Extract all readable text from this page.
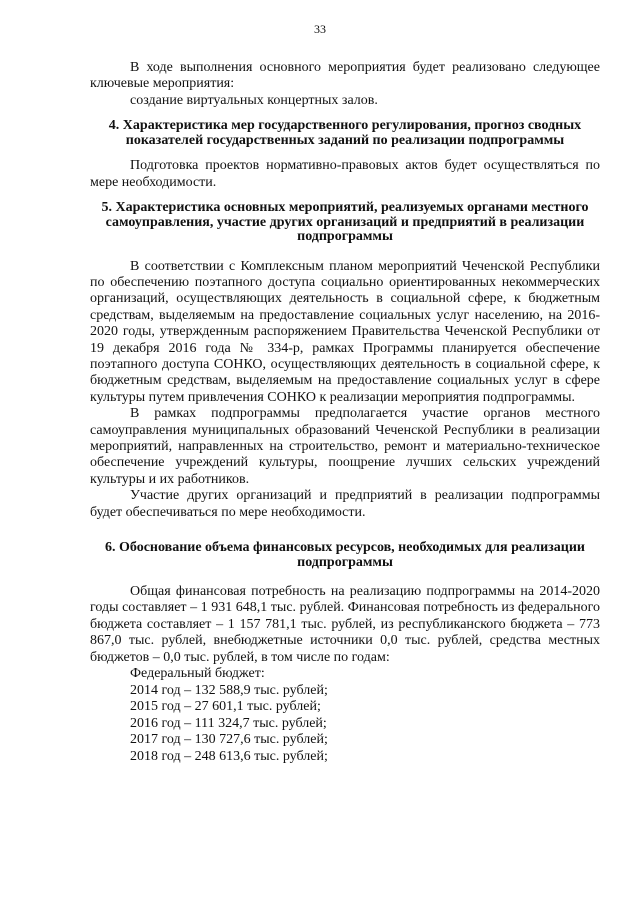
33

В ходе выполнения основного мероприятия будет реализовано следующее ключевые мероприятия:

создание виртуальных концертных залов.

4. Характеристика мер государственного регулирования, прогноз сводных показателей государственных заданий по реализации подпрограммы

Подготовка проектов нормативно-правовых актов будет осуществляться по мере необходимости.

5. Характеристика основных мероприятий, реализуемых органами местного самоуправления, участие других организаций и предприятий в реализации подпрограммы

В соответствии с Комплексным планом мероприятий Чеченской Республики по обеспечению поэтапного доступа социально ориентированных некоммерческих организаций, осуществляющих деятельность в социальной сфере, к бюджетным средствам, выделяемым на предоставление социальных услуг населению, на 2016-2020 годы, утвержденным распоряжением Правительства Чеченской Республики от 19 декабря 2016 года № 334-р, рамках Программы планируется обеспечение поэтапного доступа СОНКО, осуществляющих деятельность в социальной сфере, к бюджетным средствам, выделяемым на предоставление социальных услуг в сфере культуры путем привлечения СОНКО к реализации мероприятия подпрограммы.

В рамках подпрограммы предполагается участие органов местного самоуправления муниципальных образований Чеченской Республики в реализации мероприятий, направленных на строительство, ремонт и материально-техническое обеспечение учреждений культуры, поощрение лучших сельских учреждений культуры и их работников.

Участие других организаций и предприятий в реализации подпрограммы будет обеспечиваться по мере необходимости.

6. Обоснование объема финансовых ресурсов, необходимых для реализации подпрограммы

Общая финансовая потребность на реализацию подпрограммы на 2014-2020 годы составляет – 1 931 648,1 тыс. рублей. Финансовая потребность из федерального бюджета составляет – 1 157 781,1 тыс. рублей, из республиканского бюджета – 773 867,0 тыс. рублей, внебюджетные источники 0,0 тыс. рублей, средства местных бюджетов – 0,0 тыс. рублей, в том числе по годам:

Федеральный бюджет:
2014 год – 132 588,9 тыс. рублей;
2015 год – 27 601,1 тыс. рублей;
2016 год – 111 324,7 тыс. рублей;
2017 год – 130 727,6 тыс. рублей;
2018 год – 248 613,6 тыс. рублей;
